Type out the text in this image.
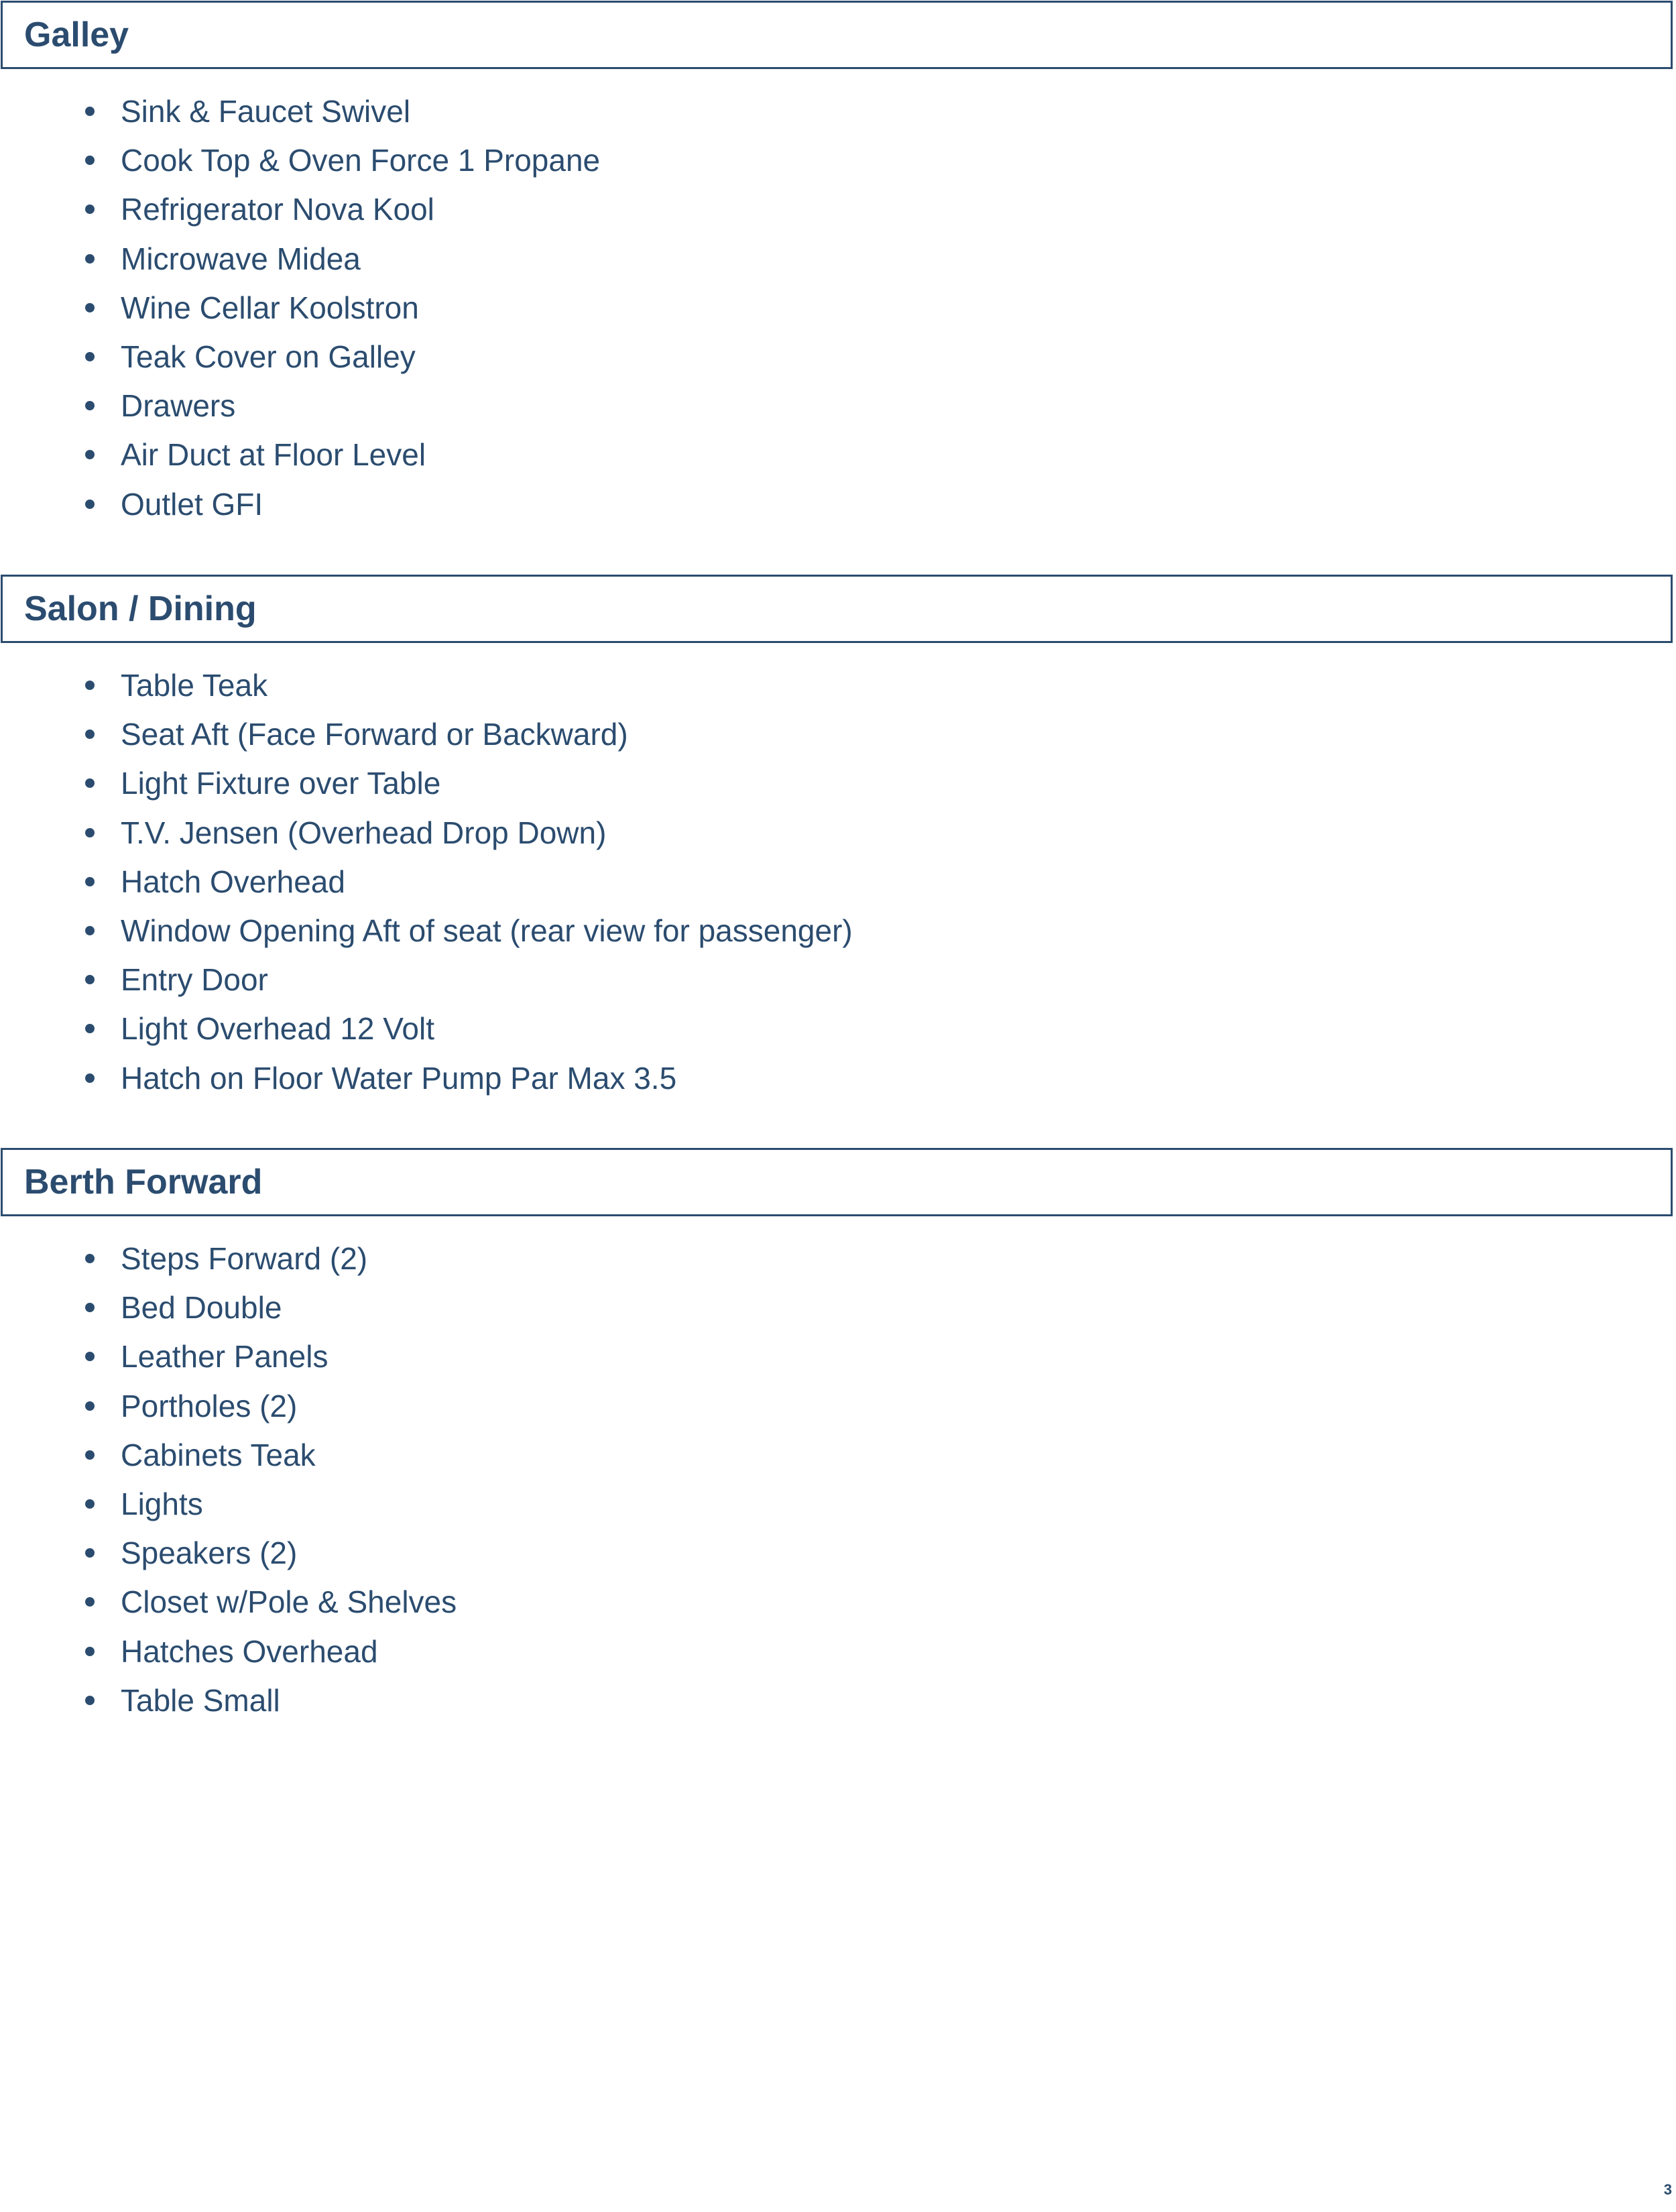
Galley
Sink & Faucet Swivel
Cook Top & Oven Force 1 Propane
Refrigerator Nova Kool
Microwave Midea
Wine Cellar Koolstron
Teak Cover on Galley
Drawers
Air Duct at Floor Level
Outlet GFI
Salon / Dining
Table Teak
Seat Aft (Face Forward or Backward)
Light Fixture over Table
T.V. Jensen (Overhead Drop Down)
Hatch Overhead
Window Opening Aft of seat (rear view for passenger)
Entry Door
Light Overhead 12 Volt
Hatch on Floor Water Pump Par Max 3.5
Berth Forward
Steps Forward (2)
Bed Double
Leather Panels
Portholes (2)
Cabinets Teak
Lights
Speakers (2)
Closet w/Pole & Shelves
Hatches Overhead
Table Small
3
